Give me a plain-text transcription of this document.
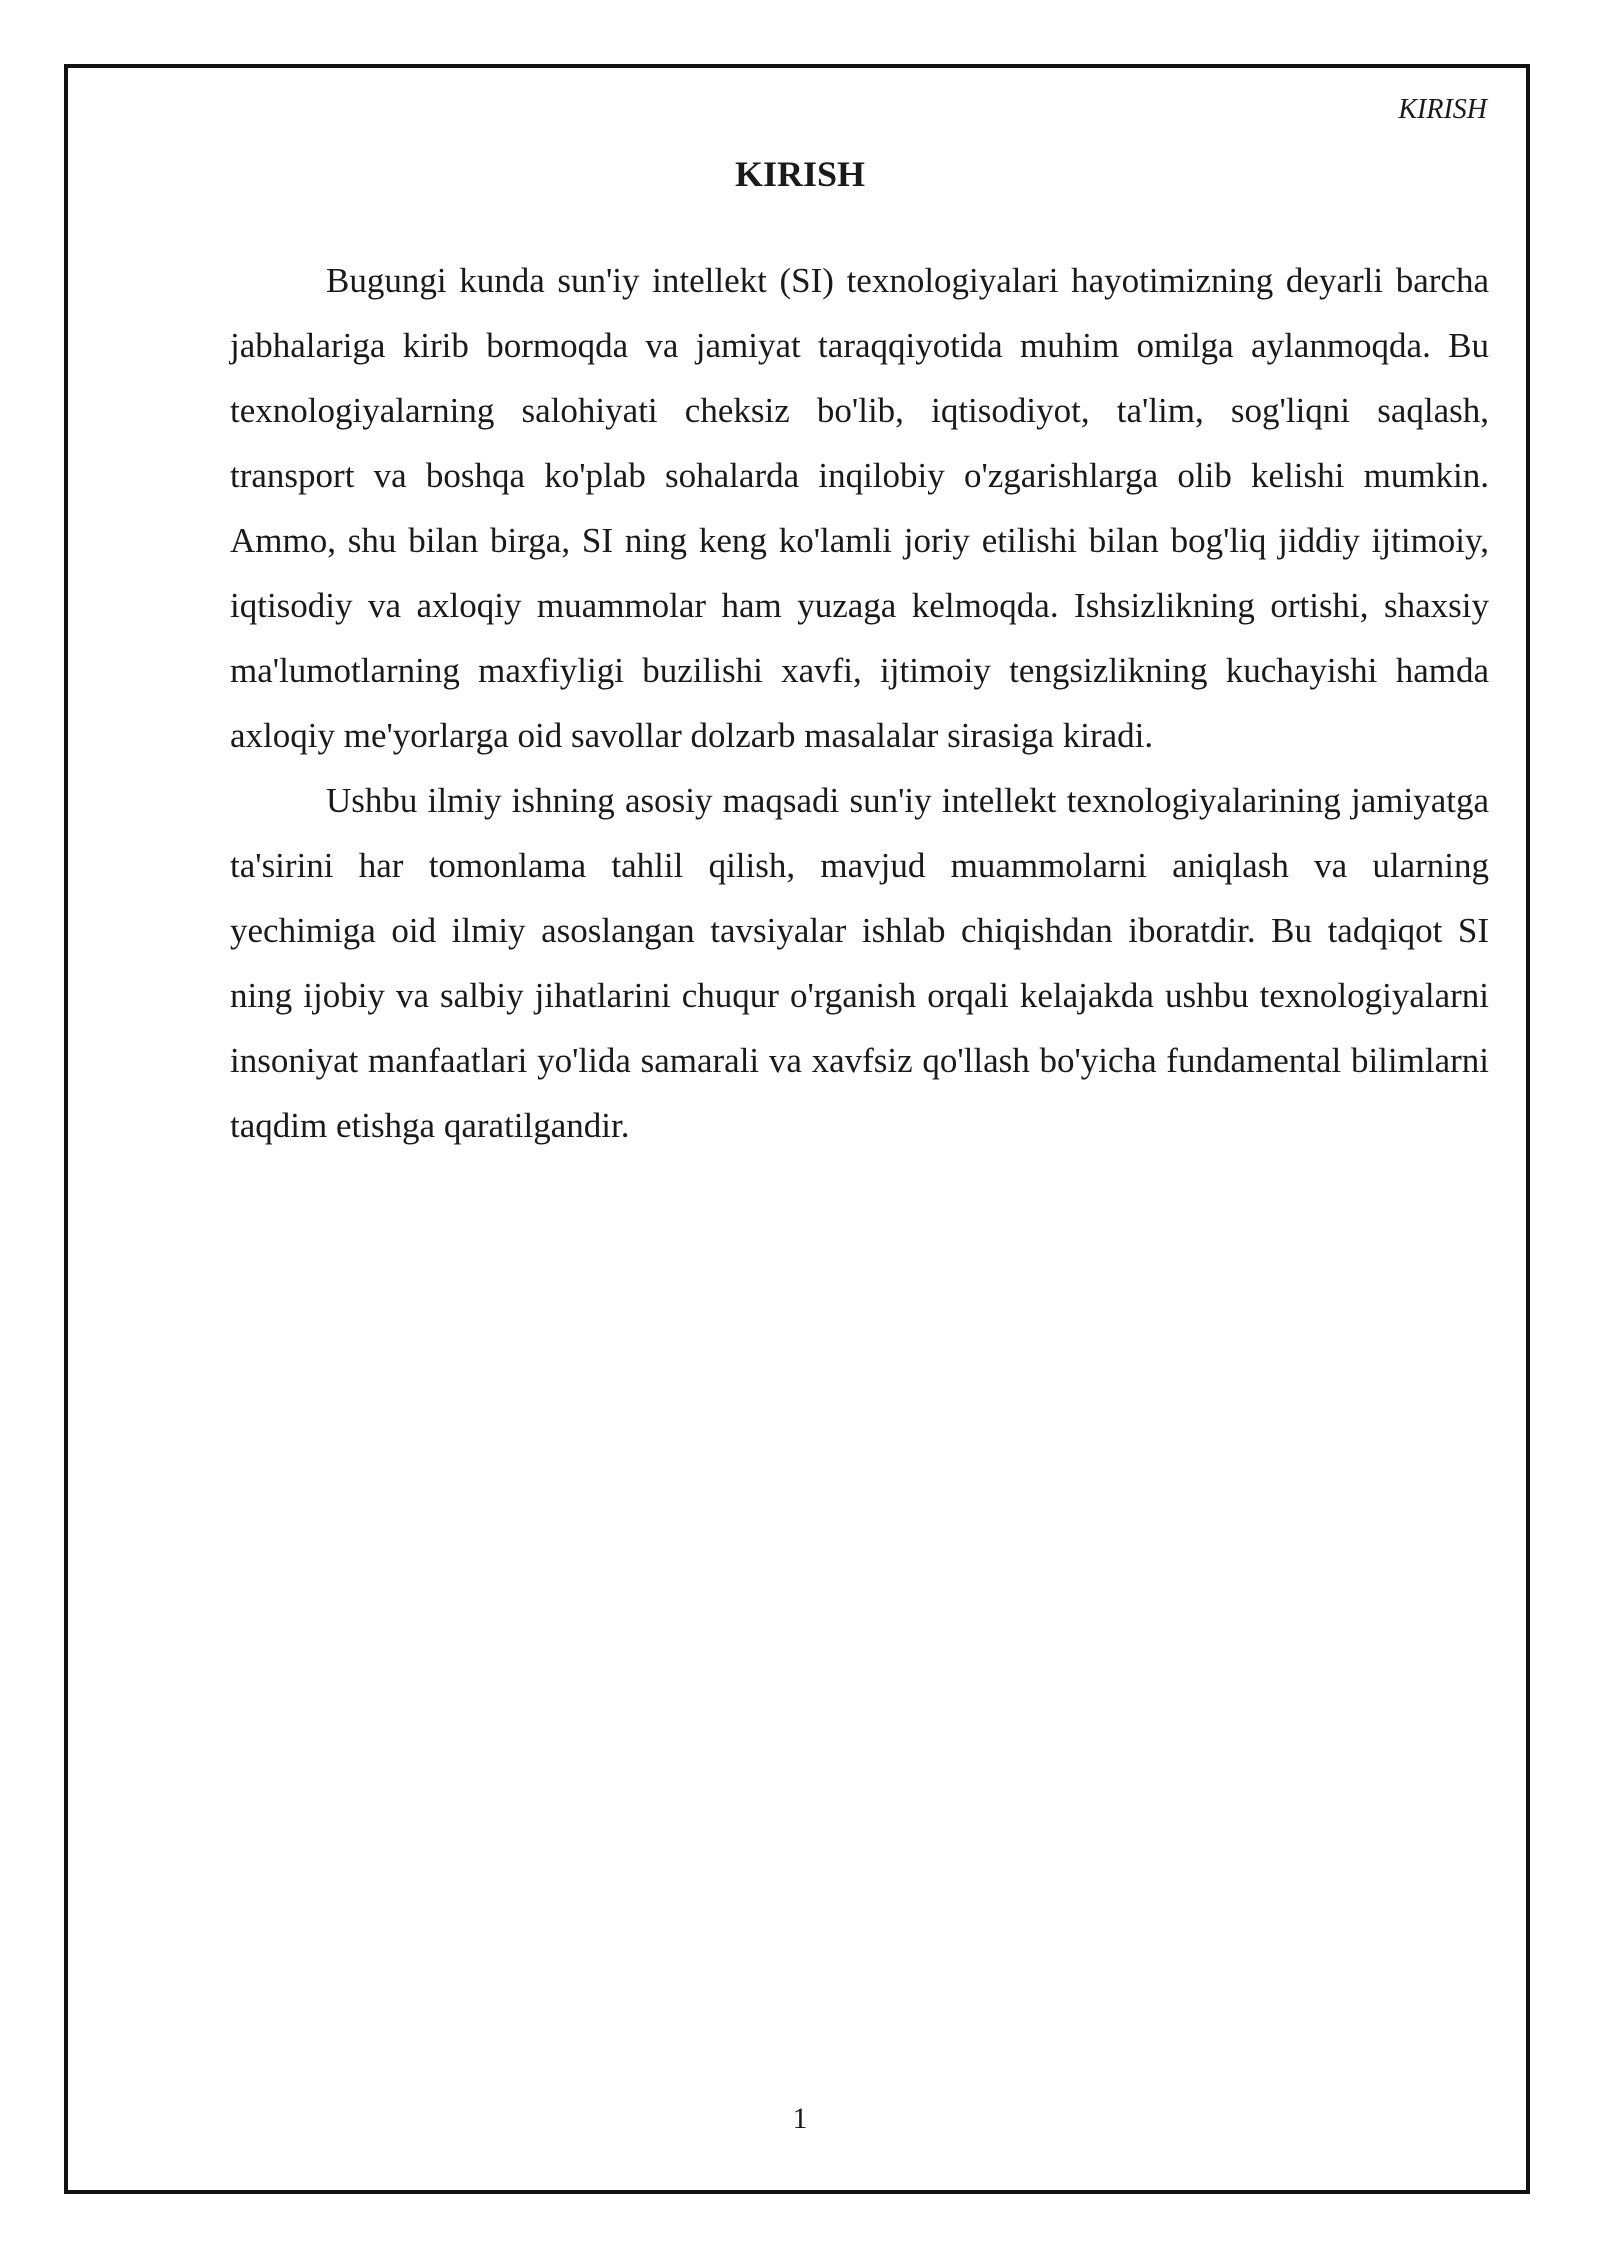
KIRISH
KIRISH

Bugungi kunda sun'iy intellekt (SI) texnologiyalari hayotimizning deyarli barcha jabhalariga kirib bormoqda va jamiyat taraqqiyotida muhim omilga aylanmoqda. Bu texnologiyalarning salohiyati cheksiz bo'lib, iqtisodiyot, ta'lim, sog'liqni saqlash, transport va boshqa ko'plab sohalarda inqilobiy o'zgarishlarga olib kelishi mumkin. Ammo, shu bilan birga, SI ning keng ko'lamli joriy etilishi bilan bog'liq jiddiy ijtimoiy, iqtisodiy va axloqiy muammolar ham yuzaga kelmoqda. Ishsizlikning ortishi, shaxsiy ma'lumotlarning maxfiyligi buzilishi xavfi, ijtimoiy tengsizlikning kuchayishi hamda axloqiy me'yorlarga oid savollar dolzarb masalalar sirasiga kiradi.

Ushbu ilmiy ishning asosiy maqsadi sun'iy intellekt texnologiyalarining jamiyatga ta'sirini har tomonlama tahlil qilish, mavjud muammolarni aniqlash va ularning yechimiga oid ilmiy asoslangan tavsiyalar ishlab chiqishdan iboratdir. Bu tadqiqot SI ning ijobiy va salbiy jihatlarini chuqur o'rganish orqali kelajakda ushbu texnologiyalarni insoniyat manfaatlari yo'lida samarali va xavfsiz qo'llash bo'yicha fundamental bilimlarni taqdim etishga qaratilgandir.

1
